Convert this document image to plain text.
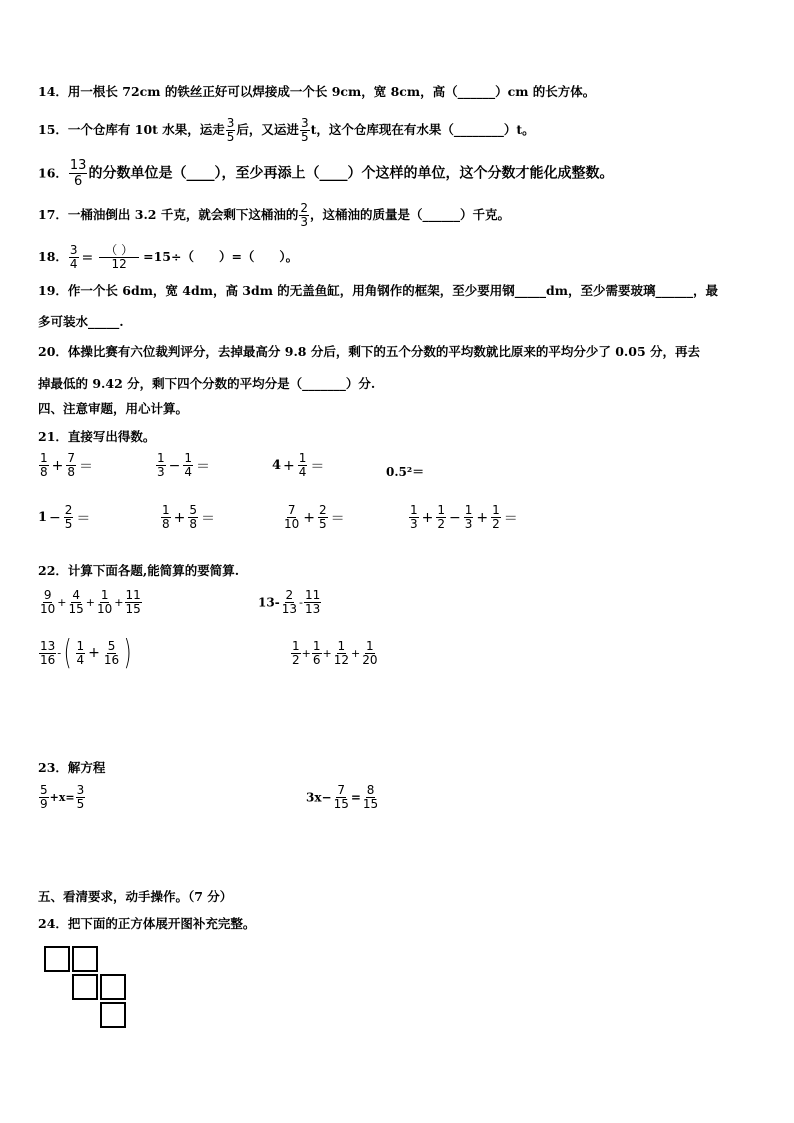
14．用一根长 72cm 的铁丝正好可以焊接成一个长 9cm，宽 8cm，高（______）cm 的长方体。
15．一个仓库有 10t 水果，运走 $\frac{3}{5}$ 后，又运进 $\frac{3}{5}$ t，这个仓库现在有水果（________）t。
16． $\frac{13}{6}$ 的分数单位是（____），至少再添上（____）个这样的单位，这个分数才能化成整数。
17．一桶油倒出 3.2 千克，就会剩下这桶油的 $\frac{2}{3}$ ，这桶油的质量是（______）千克。
18． $\frac{3}{4} = \frac{( )}{12} =15\div$（　　）=（　　）。
19．作一个长 6dm，宽 4dm，高 3dm 的无盖鱼缸，用角钢作的框架，至少要用钢_____dm，至少需要玻璃______，最
多可装水_____.
20．体操比赛有六位裁判评分，去掉最高分 9.8 分后，剩下的五个分数的平均数就比原来的平均分少了 0.05 分，再去
掉最低的 9.42 分，剩下四个分数的平均分是（_______）分.
四、注意审题，用心计算。
21．直接写出得数。
$\frac{1}{8} + \frac{7}{8}$ ＝	$\frac{1}{3} - \frac{1}{4}$ ＝	$4 + \frac{1}{4}$ ＝	0.5²＝
$1 - \frac{2}{5}$ ＝	$\frac{1}{8} + \frac{5}{8}$ ＝	$\frac{7}{10} + \frac{2}{5}$ ＝	$\frac{1}{3} + \frac{1}{2} - \frac{1}{3} + \frac{1}{2}$ ＝
22．计算下面各题,能简算的要简算.
$\frac{9}{10} + \frac{4}{15} + \frac{1}{10} + \frac{11}{15}$	$13- \frac{2}{13} - \frac{11}{13}$
$\frac{13}{16}$ -( $\frac{1}{4} + \frac{5}{16}$ )	$\frac{1}{2} + \frac{1}{6} + \frac{1}{12} + \frac{1}{20}$
23．解方程
$\frac{5}{9} +x= \frac{3}{5}$	$3x- \frac{7}{15} = \frac{8}{15}$
五、看清要求，动手操作。（7 分）
24．把下面的正方体展开图补充完整。
